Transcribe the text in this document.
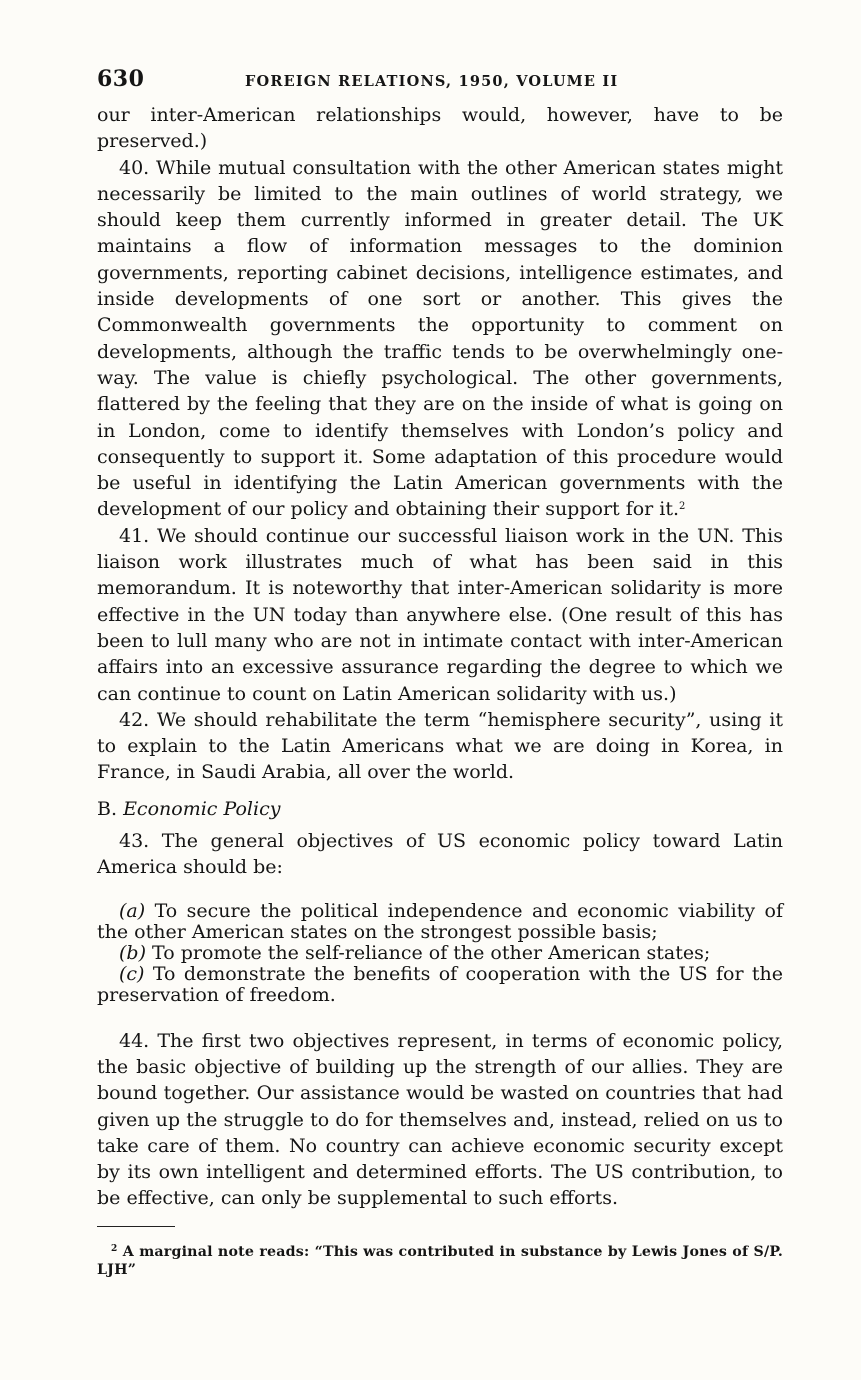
630	FOREIGN RELATIONS, 1950, VOLUME II

our inter-American relationships would, however, have to be preserved.)

40. While mutual consultation with the other American states might necessarily be limited to the main outlines of world strategy, we should keep them currently informed in greater detail. The UK maintains a flow of information messages to the dominion governments, reporting cabinet decisions, intelligence estimates, and inside developments of one sort or another. This gives the Commonwealth governments the opportunity to comment on developments, although the traffic tends to be overwhelmingly one-way. The value is chiefly psychological. The other governments, flattered by the feeling that they are on the inside of what is going on in London, come to identify themselves with London’s policy and consequently to support it. Some adaptation of this procedure would be useful in identifying the Latin American governments with the development of our policy and obtaining their support for it.$^2$

41. We should continue our successful liaison work in the UN. This liaison work illustrates much of what has been said in this memorandum. It is noteworthy that inter-American solidarity is more effective in the UN today than anywhere else. (One result of this has been to lull many who are not in intimate contact with inter-American affairs into an excessive assurance regarding the degree to which we can continue to count on Latin American solidarity with us.)

42. We should rehabilitate the term “hemisphere security”, using it to explain to the Latin Americans what we are doing in Korea, in France, in Saudi Arabia, all over the world.

B. Economic Policy

43. The general objectives of US economic policy toward Latin America should be:

(a) To secure the political independence and economic viability of the other American states on the strongest possible basis;

(b) To promote the self-reliance of the other American states;

(c) To demonstrate the benefits of cooperation with the US for the preservation of freedom.

44. The first two objectives represent, in terms of economic policy, the basic objective of building up the strength of our allies. They are bound together. Our assistance would be wasted on countries that had given up the struggle to do for themselves and, instead, relied on us to take care of them. No country can achieve economic security except by its own intelligent and determined efforts. The US contribution, to be effective, can only be supplemental to such efforts.

$^2$ A marginal note reads: “This was contributed in substance by Lewis Jones of S/P. LJH”
